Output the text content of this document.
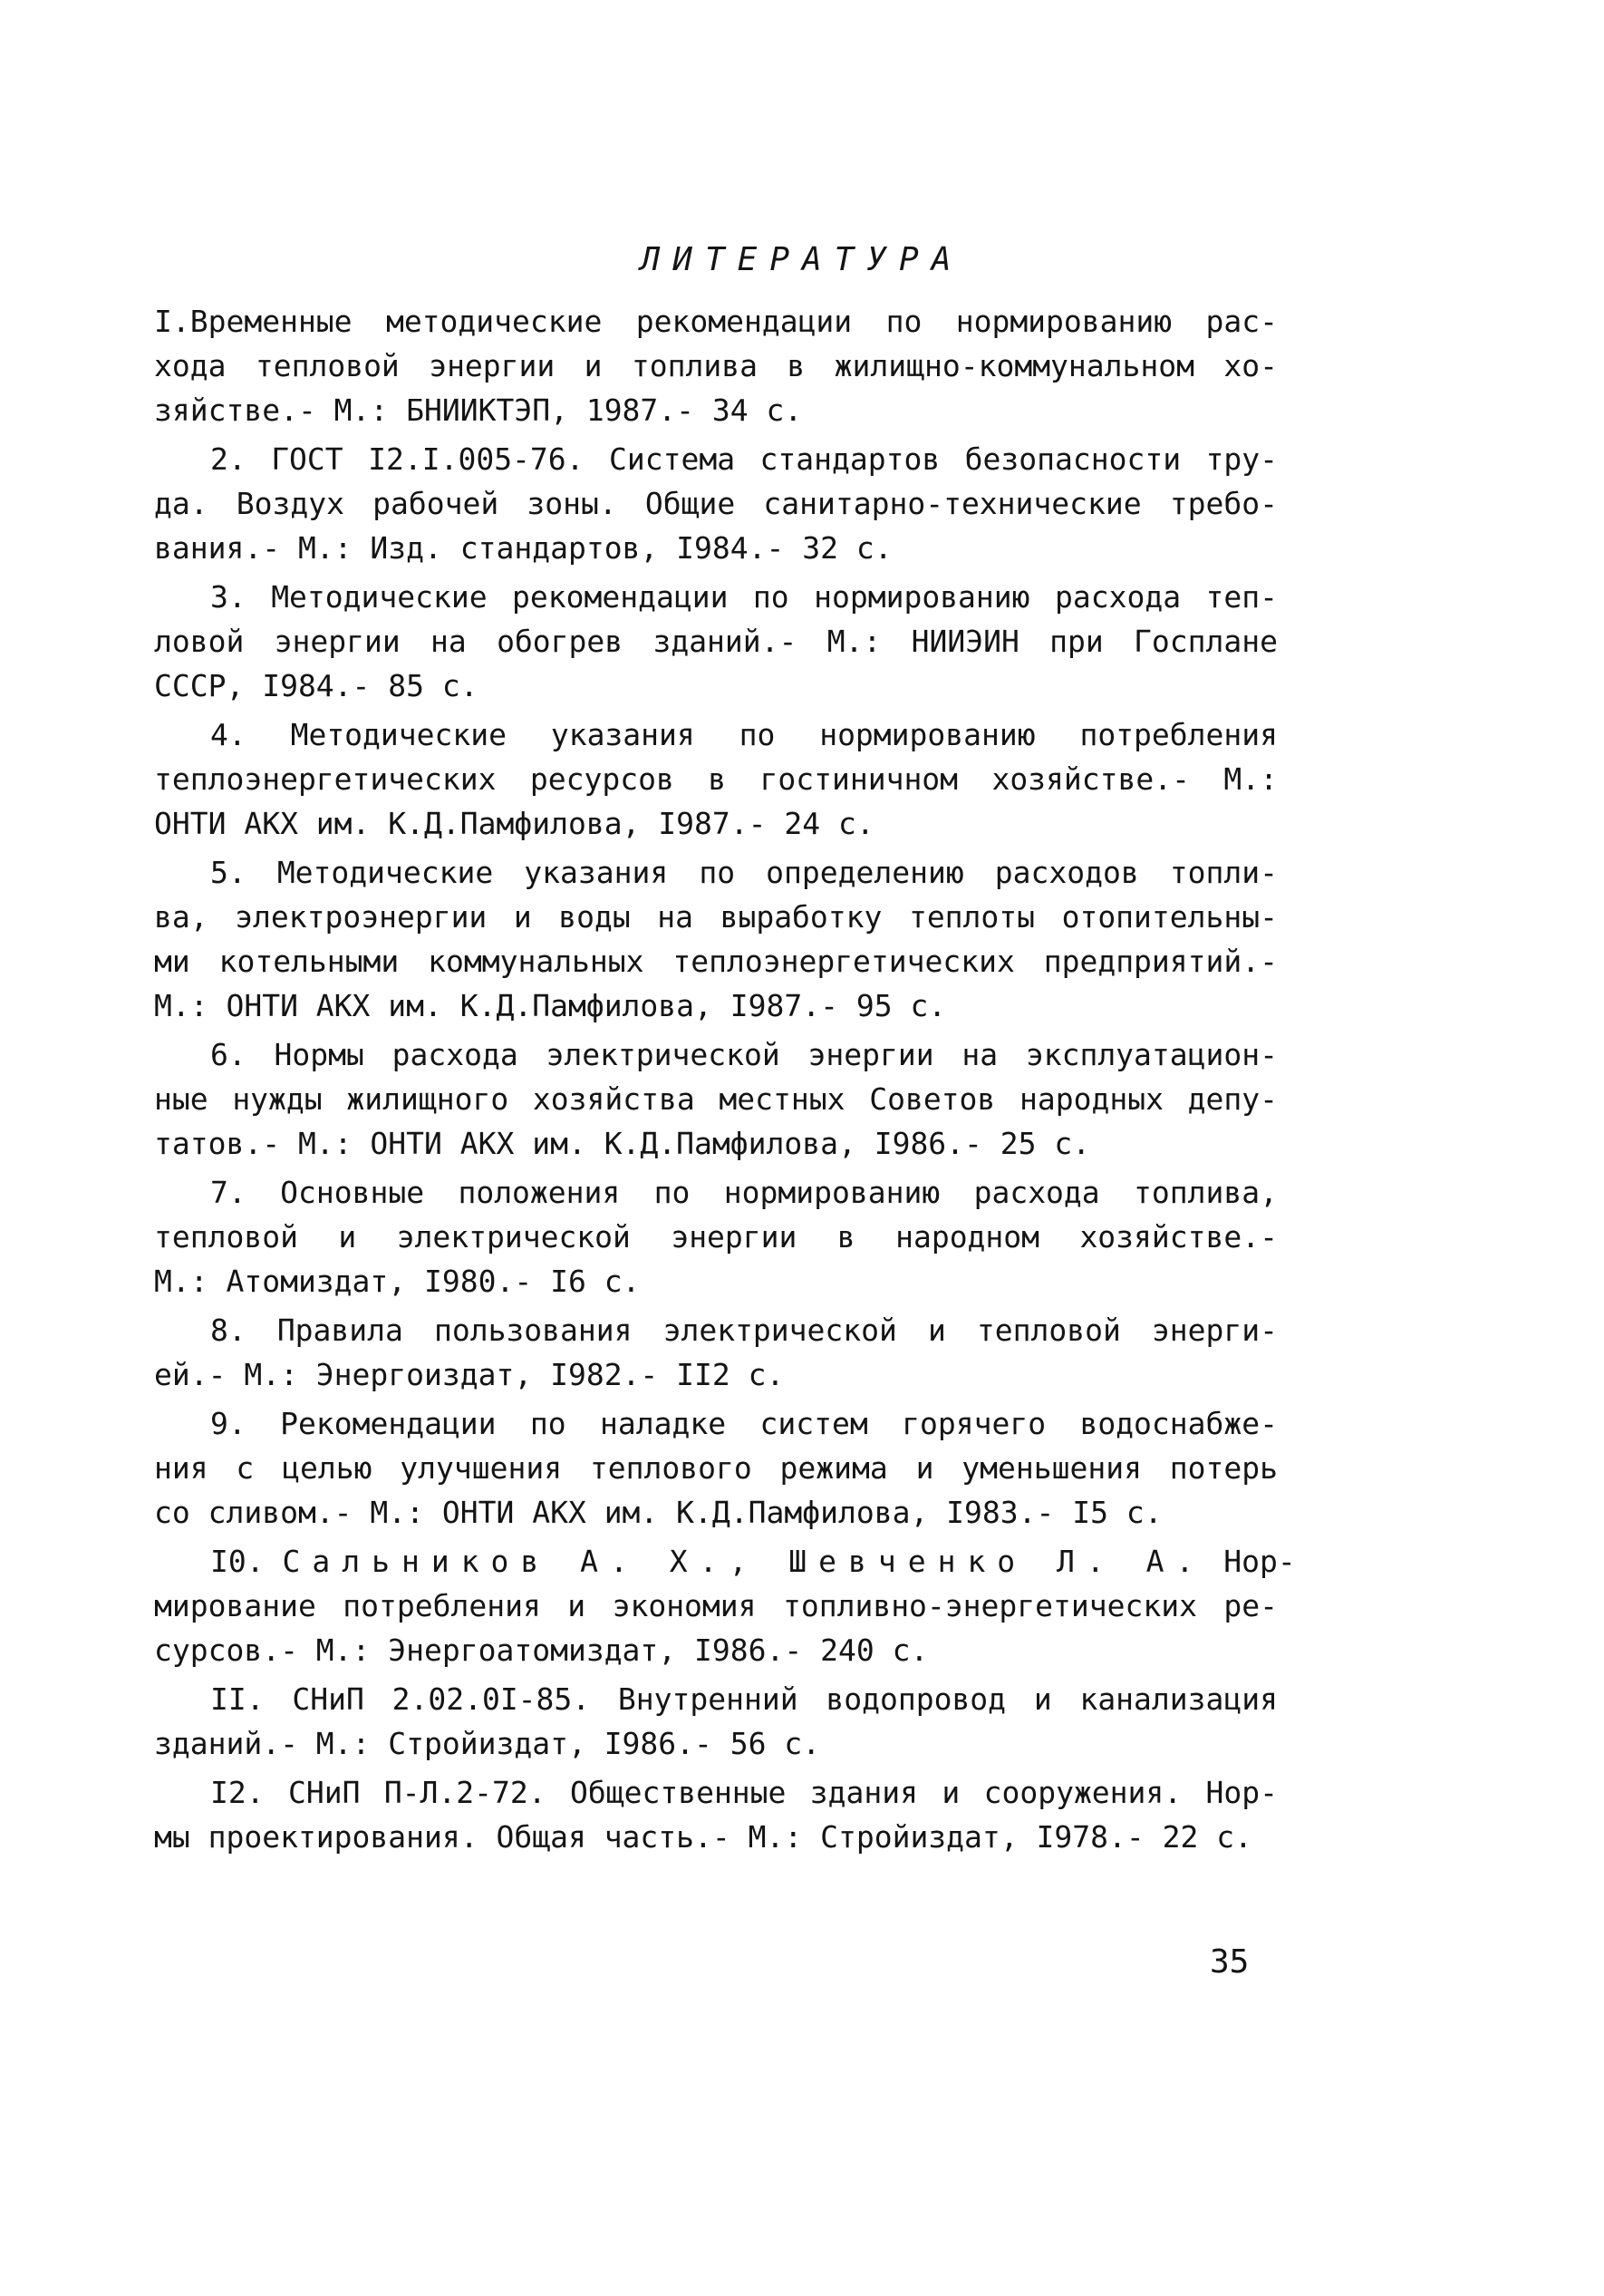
ЛИТЕРАТУРА
I.Временные методические рекомендации по нормированию рас-
хода тепловой энергии и топлива в жилищно-коммунальном хо-
зяйстве.- М.: БНИИКТЭП, 1987.- 34 с.
2. ГОСТ I2.I.005-76. Система стандартов безопасности тру-
да. Воздух рабочей зоны. Общие санитарно-технические требо-
вания.- М.: Изд. стандартов, I984.- 32 с.
3. Методические рекомендации по нормированию расхода теп-
ловой энергии на обогрев зданий.- М.: НИИЭИН при Госплане
СССР, I984.- 85 с.
4. Методические указания по нормированию потребления
теплоэнергетических ресурсов в гостиничном хозяйстве.- М.:
ОНТИ АКХ им. К.Д.Памфилова, I987.- 24 с.
5. Методические указания по определению расходов топли-
ва, электроэнергии и воды на выработку теплоты отопительны-
ми котельными коммунальных теплоэнергетических предприятий.-
М.: ОНТИ АКХ им. К.Д.Памфилова, I987.- 95 с.
6. Нормы расхода электрической энергии на эксплуатацион-
ные нужды жилищного хозяйства местных Советов народных депу-
татов.- М.: ОНТИ АКХ им. К.Д.Памфилова, I986.- 25 с.
7. Основные положения по нормированию расхода топлива,
тепловой и электрической энергии в народном хозяйстве.-
М.: Атомиздат, I980.- I6 с.
8. Правила пользования электрической и тепловой энерги-
ей.- М.: Энергоиздат, I982.- II2 с.
9. Рекомендации по наладке систем горячего водоснабже-
ния с целью улучшения теплового режима и уменьшения потерь
со сливом.- М.: ОНТИ АКХ им. К.Д.Памфилова, I983.- I5 с.
I0. Сальников А. Х., Шевченко Л. А. Нор-
мирование потребления и экономия топливно-энергетических ре-
сурсов.- М.: Энергоатомиздат, I986.- 240 с.
II. СНиП 2.02.0I-85. Внутренний водопровод и канализация
зданий.- М.: Стройиздат, I986.- 56 с.
I2. СНиП П-Л.2-72. Общественные здания и сооружения. Нор-
мы проектирования. Общая часть.- М.: Стройиздат, I978.- 22 с.
35
